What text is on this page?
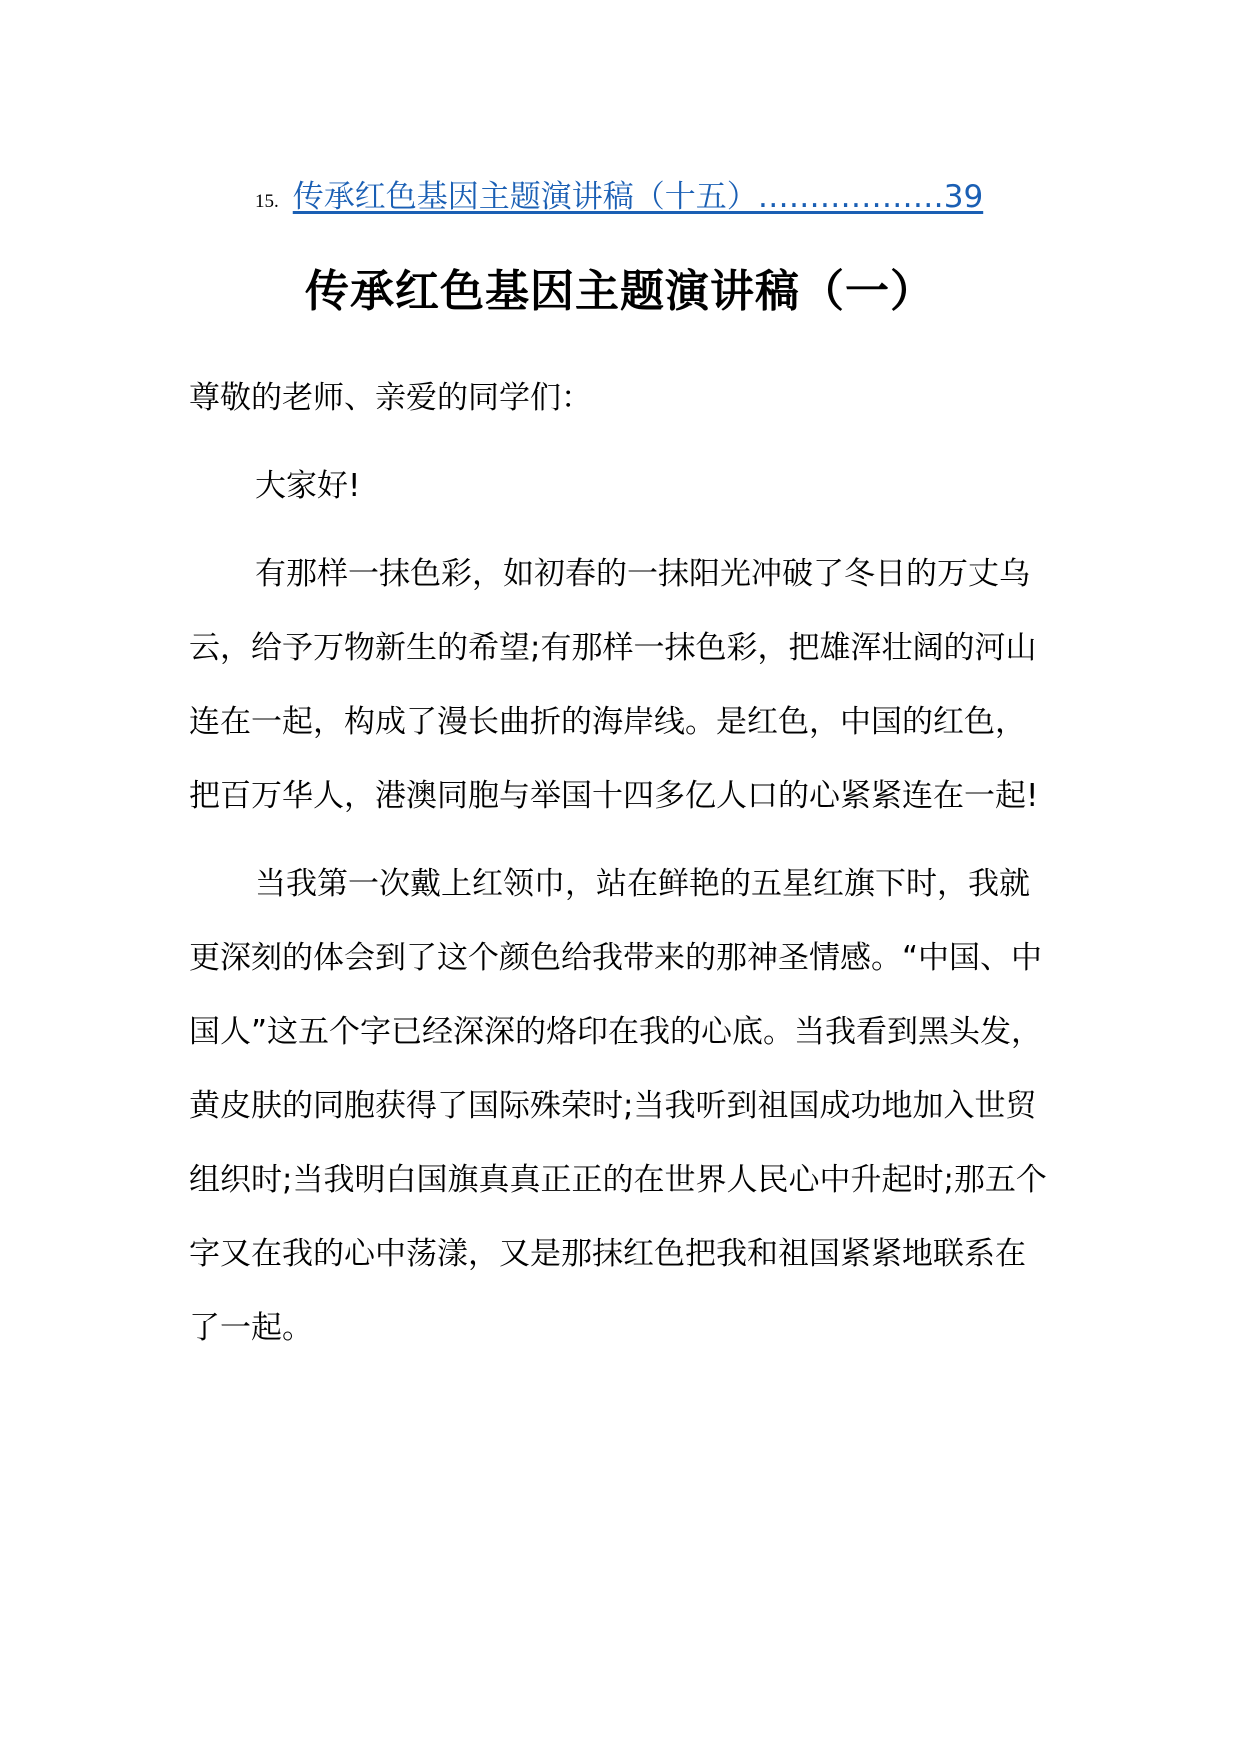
15. 传承红色基因主题演讲稿（十五）………………39
传承红色基因主题演讲稿（一）

尊敬的老师、亲爱的同学们：

大家好!

有那样一抹色彩，如初春的一抹阳光冲破了冬日的万丈乌云，给予万物新生的希望;有那样一抹色彩，把雄浑壮阔的河山连在一起，构成了漫长曲折的海岸线。是红色，中国的红色，把百万华人，港澳同胞与举国十四多亿人口的心紧紧连在一起!

当我第一次戴上红领巾，站在鲜艳的五星红旗下时，我就更深刻的体会到了这个颜色给我带来的那神圣情感。“中国、中国人”这五个字已经深深的烙印在我的心底。当我看到黑头发，黄皮肤的同胞获得了国际殊荣时;当我听到祖国成功地加入世贸组织时;当我明白国旗真真正正的在世界人民心中升起时;那五个字又在我的心中荡漾，又是那抹红色把我和祖国紧紧地联系在了一起。
